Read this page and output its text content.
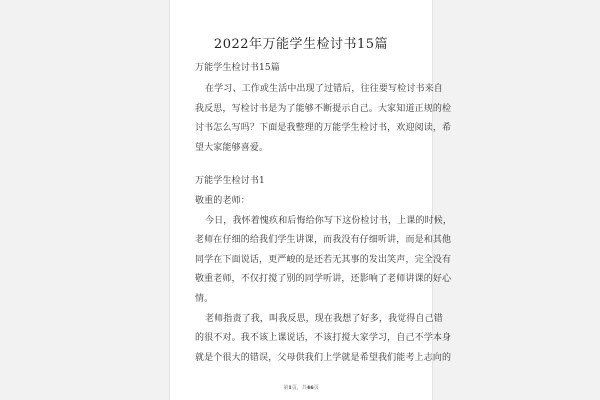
2022年万能学生检讨书15篇
万能学生检讨书15篇
在学习、工作或生活中出现了过错后，往往要写检讨书来自
我反思，写检讨书是为了能够不断提示自己。大家知道正规的检
讨书怎么写吗？下面是我整理的万能学生检讨书，欢迎阅读，希
望大家能够喜爱。
万能学生检讨书1
敬重的老师：
今日，我怀着愧疚和后悔给你写下这份检讨书，上课的时候，
老师在仔细的给我们学生讲课，而我没有仔细听讲，而是和其他
同学在下面说话，更严峻的是还若无其事的发出笑声，完全没有
敬重老师，不仅打搅了别的同学听讲，还影响了老师讲课的好心
情。
老师指责了我，叫我反思，现在我想了好多，我觉得自己错
的很不对。我不该上课说话，不该打搅大家学习，自己不学本身
就是个很大的错误，父母供我们上学就是希望我们能考上志向的
第1页，共46页
